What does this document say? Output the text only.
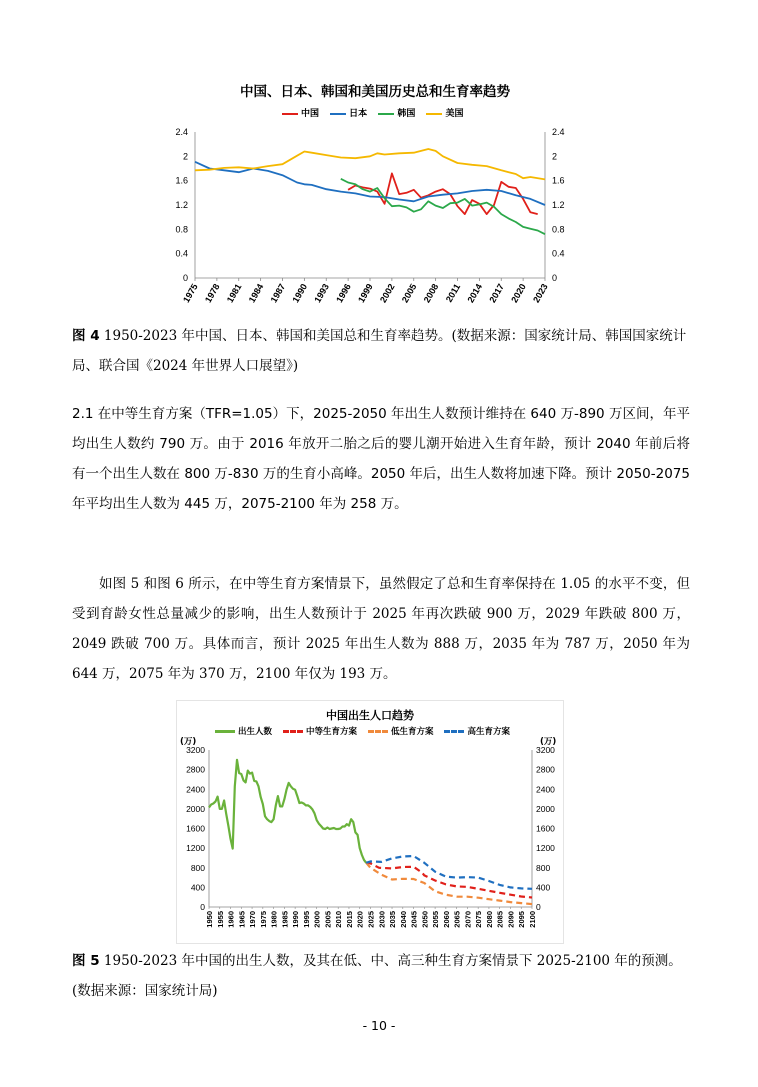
中国、日本、韩国和美国历史总和生育率趋势
中国	日本	韩国	美国
0	0
0.4	0.4
0.8	0.8
1.2	1.2
1.6	1.6
2	2
2.4	2.4
1975 1978 1981 1984 1987 1990 1993 1996 1999 2002 2005 2008 2011 2014 2017 2020 2023
图 4 1950-2023 年中国、日本、韩国和美国总和生育率趋势。(数据来源：国家统计局、韩国国家统计局、联合国《2024 年世界人口展望》)

2.1 在中等生育方案（TFR=1.05）下，2025-2050 年出生人数预计维持在 640 万-890 万区间，年平均出生人数约 790 万。由于 2016 年放开二胎之后的婴儿潮开始进入生育年龄，预计 2040 年前后将有一个出生人数在 800 万-830 万的生育小高峰。2050 年后，出生人数将加速下降。预计 2050-2075 年平均出生人数为 445 万，2075-2100 年为 258 万。

如图 5 和图 6 所示，在中等生育方案情景下，虽然假定了总和生育率保持在 1.05 的水平不变，但受到育龄女性总量减少的影响，出生人数预计于 2025 年再次跌破 900 万，2029 年跌破 800 万，2049 跌破 700 万。具体而言，预计 2025 年出生人数为 888 万，2035 年为 787 万，2050 年为 644 万，2075 年为 370 万，2100 年仅为 193 万。

中国出生人口趋势
出生人数	中等生育方案	低生育方案	高生育方案
(万)	(万)
0	0
400	400
800	800
1200	1200
1600	1600
2000	2000
2400	2400
2800	2800
3200	3200
1950 1955 1960 1965 1970 1975 1980 1985 1990 1995 2000 2005 2010 2015 2020 2025 2030 2035 2040 2045 2050 2055 2060 2065 2070 2075 2080 2085 2090 2095 2100
图 5 1950-2023 年中国的出生人数，及其在低、中、高三种生育方案情景下 2025-2100 年的预测。(数据来源：国家统计局)
- 10 -
